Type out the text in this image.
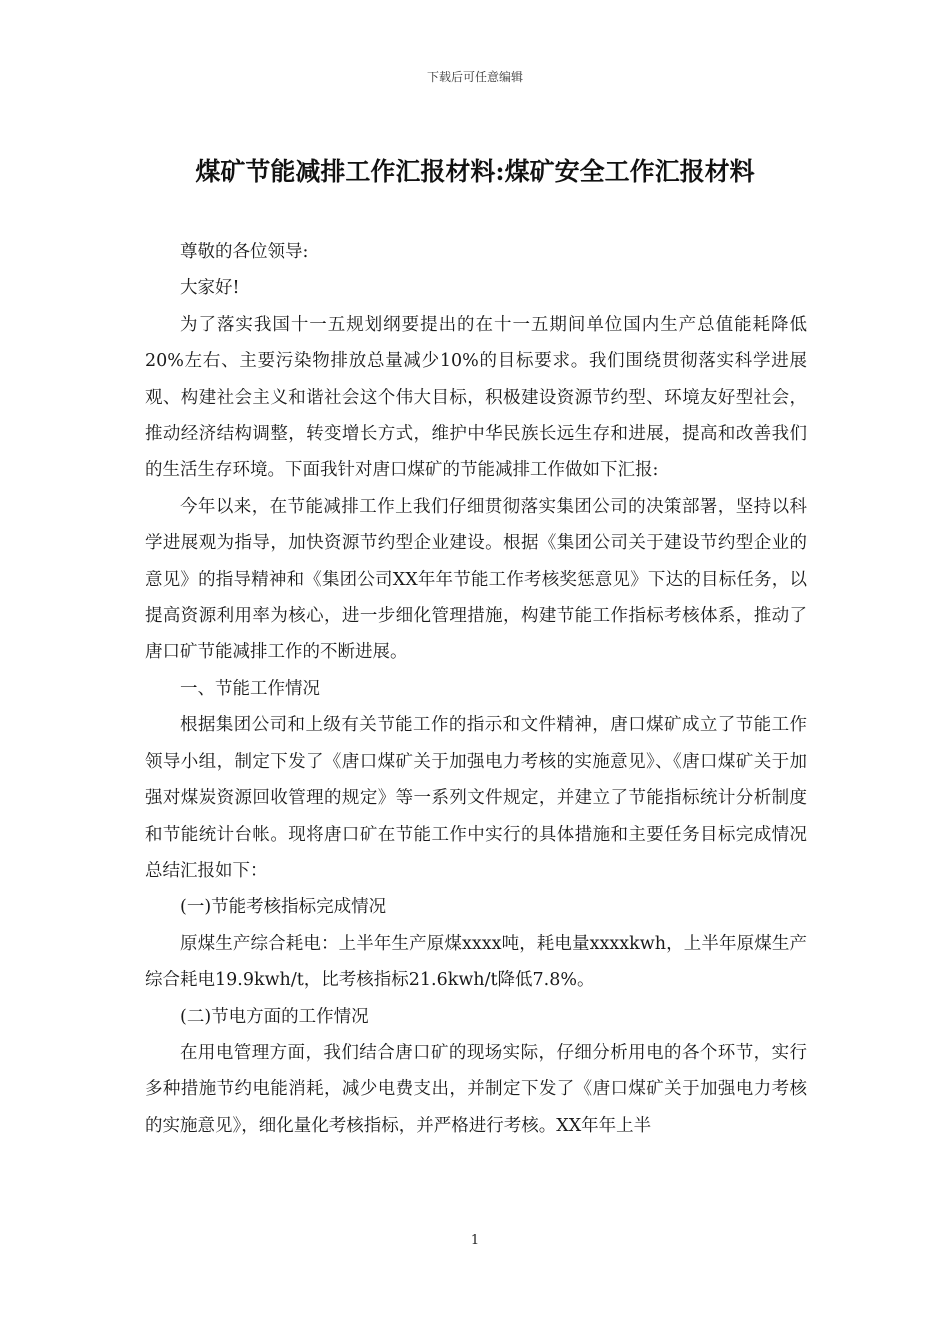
下载后可任意编辑
煤矿节能减排工作汇报材料:煤矿安全工作汇报材料

尊敬的各位领导:

大家好!

为了落实我国十一五规划纲要提出的在十一五期间单位国内生产总值能耗降低20%左右、主要污染物排放总量减少10%的目标要求。我们围绕贯彻落实科学进展观、构建社会主义和谐社会这个伟大目标，积极建设资源节约型、环境友好型社会，推动经济结构调整，转变增长方式，维护中华民族长远生存和进展，提高和改善我们的生活生存环境。下面我针对唐口煤矿的节能减排工作做如下汇报:

今年以来，在节能减排工作上我们仔细贯彻落实集团公司的决策部署，坚持以科学进展观为指导，加快资源节约型企业建设。根据《集团公司关于建设节约型企业的意见》的指导精神和《集团公司XX年年节能工作考核奖惩意见》下达的目标任务，以提高资源利用率为核心，进一步细化管理措施，构建节能工作指标考核体系，推动了唐口矿节能减排工作的不断进展。

一、节能工作情况

根据集团公司和上级有关节能工作的指示和文件精神，唐口煤矿成立了节能工作领导小组，制定下发了《唐口煤矿关于加强电力考核的实施意见》、《唐口煤矿关于加强对煤炭资源回收管理的规定》等一系列文件规定，并建立了节能指标统计分析制度和节能统计台帐。现将唐口矿在节能工作中实行的具体措施和主要任务目标完成情况总结汇报如下：

(一)节能考核指标完成情况

原煤生产综合耗电：上半年生产原煤xxxx吨，耗电量xxxxkwh，上半年原煤生产综合耗电19.9kwh/t，比考核指标21.6kwh/t降低7.8%。

(二)节电方面的工作情况

在用电管理方面，我们结合唐口矿的现场实际，仔细分析用电的各个环节，实行多种措施节约电能消耗，减少电费支出，并制定下发了《唐口煤矿关于加强电力考核的实施意见》，细化量化考核指标，并严格进行考核。XX年年上半

1
